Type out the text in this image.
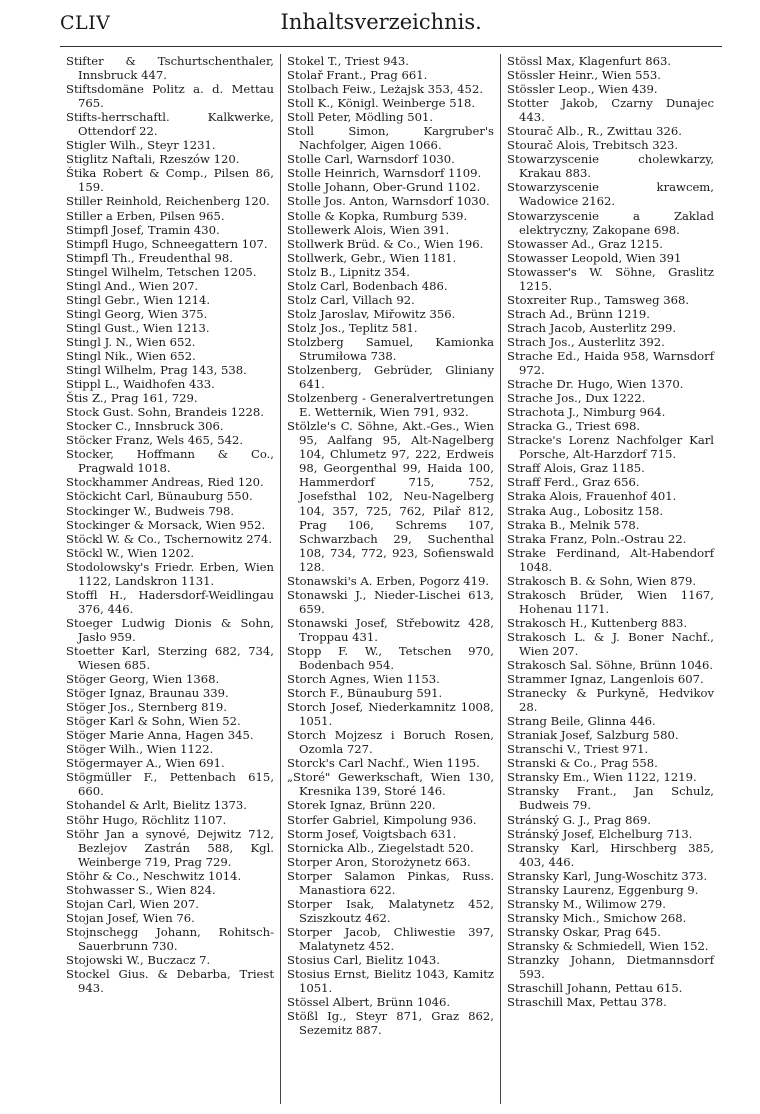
CLIV	Inhaltsverzeichnis.

Stifter & Tschurtschenthaler, Innsbruck 447.

Stiftsdomäne Politz a. d. Mettau 765.

Stifts-herrschaftl. Kalkwerke, Ottendorf 22.

Stigler Wilh., Steyr 1231.

Stiglitz Naftali, Rzeszów 120.

Štika Robert & Comp., Pilsen 86, 159.

Stiller Reinhold, Reichenberg 120.

Stiller a Erben, Pilsen 965.

Stimpfl Josef, Tramin 430.

Stimpfl Hugo, Schneegattern 107.

Stimpfl Th., Freudenthal 98.

Stingel Wilhelm, Tetschen 1205.

Stingl And., Wien 207.

Stingl Gebr., Wien 1214.

Stingl Georg, Wien 375.

Stingl Gust., Wien 1213.

Stingl J. N., Wien 652.

Stingl Nik., Wien 652.

Stingl Wilhelm, Prag 143, 538.

Stippl L., Waidhofen 433.

Štis Z., Prag 161, 729.

Stock Gust. Sohn, Brandeis 1228.

Stocker C., Innsbruck 306.

Stöcker Franz, Wels 465, 542.

Stocker, Hoffmann & Co., Pragwald 1018.

Stockhammer Andreas, Ried 120.

Stöckicht Carl, Bünauburg 550.

Stockinger W., Budweis 798.

Stockinger & Morsack, Wien 952.

Stöckl W. & Co., Tschernowitz 274.

Stöckl W., Wien 1202.

Stodolowsky's Friedr. Erben, Wien 1122, Landskron 1131.

Stoffl H., Hadersdorf-Weidlingau 376, 446.

Stoeger Ludwig Dionis & Sohn, Jasło 959.

Stoetter Karl, Sterzing 682, 734, Wiesen 685.

Stöger Georg, Wien 1368.

Stöger Ignaz, Braunau 339.

Stöger Jos., Sternberg 819.

Stöger Karl & Sohn, Wien 52.

Stöger Marie Anna, Hagen 345.

Stöger Wilh., Wien 1122.

Stögermayer A., Wien 691.

Stögmüller F., Pettenbach 615, 660.

Stohandel & Arlt, Bielitz 1373.

Stöhr Hugo, Röchlitz 1107.

Stöhr Jan a synové, Dejwitz 712, Bezlejov Zastrán 588, Kgl. Weinberge 719, Prag 729.

Stöhr & Co., Neschwitz 1014.

Stohwasser S., Wien 824.

Stojan Carl, Wien 207.

Stojan Josef, Wien 76.

Stojnschegg Johann, Rohitsch-Sauerbrunn 730.

Stojowski W., Buczacz 7.

Stockel Gius. & Debarba, Triest 943.

Stokel T., Triest 943.

Stolař Frant., Prag 661.

Stolbach Feiw., Leżajsk 353, 452.

Stoll K., Königl. Weinberge 518.

Stoll Peter, Mödling 501.

Stoll Simon, Kargruber's Nachfolger, Aigen 1066.

Stolle Carl, Warnsdorf 1030.

Stolle Heinrich, Warnsdorf 1109.

Stolle Johann, Ober-Grund 1102.

Stolle Jos. Anton, Warnsdorf 1030.

Stolle & Kopka, Rumburg 539.

Stollewerk Alois, Wien 391.

Stollwerk Brüd. & Co., Wien 196.

Stollwerk, Gebr., Wien 1181.

Stolz B., Lipnitz 354.

Stolz Carl, Bodenbach 486.

Stolz Carl, Villach 92.

Stolz Jaroslav, Miřowitz 356.

Stolz Jos., Teplitz 581.

Stolzberg Samuel, Kamionka Strumiłowa 738.

Stolzenberg, Gebrüder, Gliniany 641.

Stolzenberg - Generalvertretungen E. Wetternik, Wien 791, 932.

Stölzle's C. Söhne, Akt.-Ges., Wien 95, Aalfang 95, Alt-Nagelberg 104, Chlumetz 97, 222, Erdweis 98, Georgenthal 99, Haida 100, Hammerdorf 715, 752, Josefsthal 102, Neu-Nagelberg 104, 357, 725, 762, Pilař 812, Prag 106, Schrems 107, Schwarzbach 29, Suchenthal 108, 734, 772, 923, Sofienswald 128.

Stonawski's A. Erben, Pogorz 419.

Stonawski J., Nieder-Lischei 613, 659.

Stonawski Josef, Střebowitz 428, Troppau 431.

Stopp F. W., Tetschen 970, Bodenbach 954.

Storch Agnes, Wien 1153.

Storch F., Bünauburg 591.

Storch Josef, Niederkamnitz 1008, 1051.

Storch Mojzesz i Boruch Rosen, Ozomla 727.

Storck's Carl Nachf., Wien 1195.

„Storé" Gewerkschaft, Wien 130, Kresnika 139, Storé 146.

Storek Ignaz, Brünn 220.

Storfer Gabriel, Kimpolung 936.

Storm Josef, Voigtsbach 631.

Stornicka Alb., Ziegelstadt 520.

Storper Aron, Storożynetz 663.

Storper Salamon Pinkas, Russ. Manastiora 622.

Storper Isak, Malatynetz 452, Sziszkoutz 462.

Storper Jacob, Chliwestie 397, Malatynetz 452.

Stosius Carl, Bielitz 1043.

Stosius Ernst, Bielitz 1043, Kamitz 1051.

Stössel Albert, Brünn 1046.

Stößl Ig., Steyr 871, Graz 862, Sezemitz 887.

Stössl Max, Klagenfurt 863.

Stössler Heinr., Wien 553.

Stössler Leop., Wien 439.

Stotter Jakob, Czarny Dunajec 443.

Stourač Alb., R., Zwittau 326.

Stourač Alois, Trebitsch 323.

Stowarzyscenie cholewkarzy, Krakau 883.

Stowarzyscenie krawcem, Wadowice 2162.

Stowarzyscenie a Zaklad elektryczny, Zakopane 698.

Stowasser Ad., Graz 1215.

Stowasser Leopold, Wien 391

Stowasser's W. Söhne, Graslitz 1215.

Stoxreiter Rup., Tamsweg 368.

Strach Ad., Brünn 1219.

Strach Jacob, Austerlitz 299.

Strach Jos., Austerlitz 392.

Strache Ed., Haida 958, Warnsdorf 972.

Strache Dr. Hugo, Wien 1370.

Strache Jos., Dux 1222.

Strachota J., Nimburg 964.

Stracka G., Triest 698.

Stracke's Lorenz Nachfolger Karl Porsche, Alt-Harzdorf 715.

Straff Alois, Graz 1185.

Straff Ferd., Graz 656.

Straka Alois, Frauenhof 401.

Straka Aug., Lobositz 158.

Straka B., Melnik 578.

Straka Franz, Poln.-Ostrau 22.

Strake Ferdinand, Alt-Habendorf 1048.

Strakosch B. & Sohn, Wien 879.

Strakosch Brüder, Wien 1167, Hohenau 1171.

Strakosch H., Kuttenberg 883.

Strakosch L. & J. Boner Nachf., Wien 207.

Strakosch Sal. Söhne, Brünn 1046.

Strammer Ignaz, Langenlois 607.

Stranecky & Purkyně, Hedvikov 28.

Strang Beile, Glinna 446.

Straniak Josef, Salzburg 580.

Stranschi V., Triest 971.

Stranski & Co., Prag 558.

Stransky Em., Wien 1122, 1219.

Stransky Frant., Jan Schulz, Budweis 79.

Stránský G. J., Prag 869.

Stránský Josef, Elchelburg 713.

Stransky Karl, Hirschberg 385, 403, 446.

Stransky Karl, Jung-Woschitz 373.

Stransky Laurenz, Eggenburg 9.

Stransky M., Wilimow 279.

Stransky Mich., Smichow 268.

Stransky Oskar, Prag 645.

Stransky & Schmiedell, Wien 152.

Stranzky Johann, Dietmannsdorf 593.

Straschill Johann, Pettau 615.

Straschill Max, Pettau 378.
